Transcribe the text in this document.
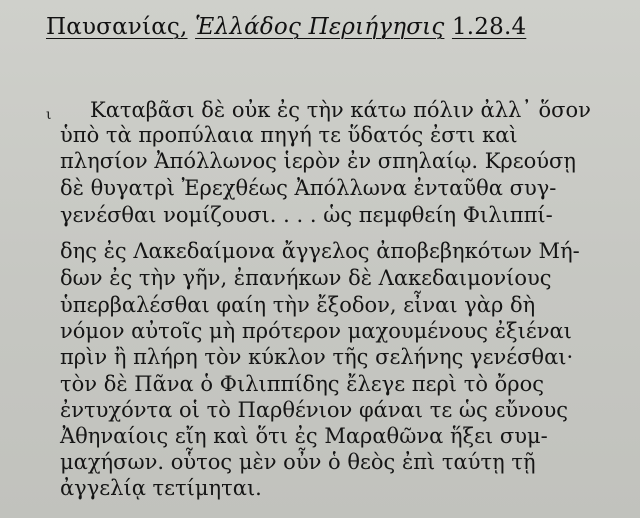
Παυσανίας, Ἑλλάδος Περιήγησις 1.28.4
ι Καταβᾶσι δὲ οὐκ ἐς τὴν κάτω πόλιν ἀλλ᾽ ὅσον
ὑπὸ τὰ προπύλαια πηγή τε ὕδατός ἐστι καὶ
πλησίον Ἀπόλλωνος ἱερὸν ἐν σπηλαίῳ. Κρεούσῃ
δὲ θυγατρὶ Ἐρεχθέως Ἀπόλλωνα ἐνταῦθα συγ-
γενέσθαι νομίζουσι. . . . ὡς πεμφθείη Φιλιππί-
δης ἐς Λακεδαίμονα ἄγγελος ἀποβεβηκότων Μή-
δων ἐς τὴν γῆν, ἐπανήκων δὲ Λακεδαιμονίους
ὑπερβαλέσθαι φαίη τὴν ἔξοδον, εἶναι γὰρ δὴ
νόμον αὐτοῖς μὴ πρότερον μαχουμένους ἐξιέναι
πρὶν ἢ πλήρη τὸν κύκλον τῆς σελήνης γενέσθαι·
τὸν δὲ Πᾶνα ὁ Φιλιππίδης ἔλεγε περὶ τὸ ὄρος
ἐντυχόντα οἱ τὸ Παρθένιον φάναι τε ὡς εὔνους
Ἀθηναίοις εἴη καὶ ὅτι ἐς Μαραθῶνα ἥξει συμ-
μαχήσων. οὗτος μὲν οὖν ὁ θεὸς ἐπὶ ταύτῃ τῇ
ἀγγελίᾳ τετίμηται.
